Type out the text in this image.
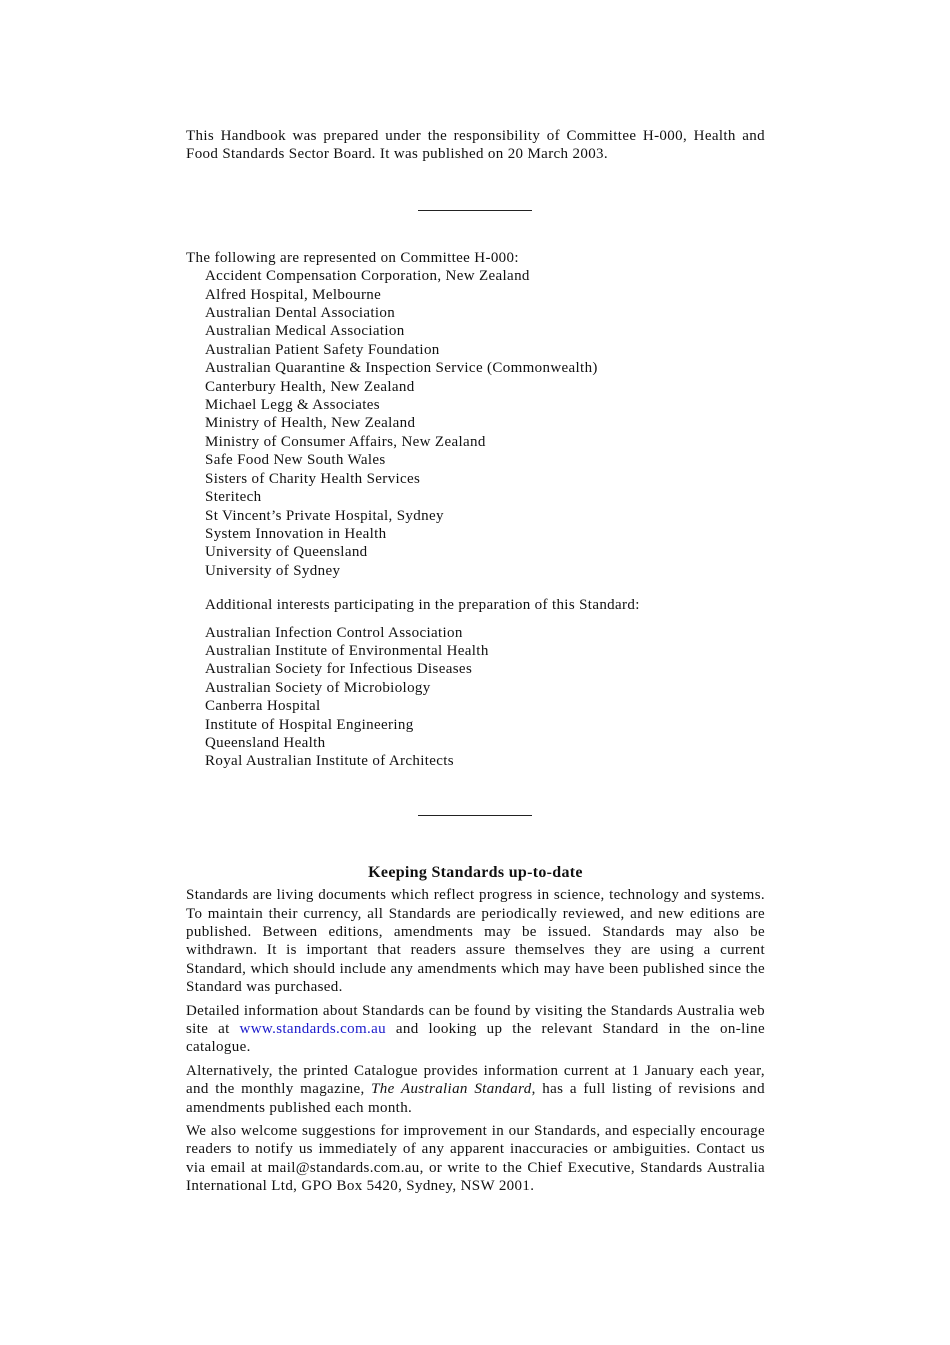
This Handbook was prepared under the responsibility of Committee H-000, Health and Food Standards Sector Board. It was published on 20 March 2003.

The following are represented on Committee H-000:

Accident Compensation Corporation, New Zealand
Alfred Hospital, Melbourne
Australian Dental Association
Australian Medical Association
Australian Patient Safety Foundation
Australian Quarantine & Inspection Service (Commonwealth)
Canterbury Health, New Zealand
Michael Legg & Associates
Ministry of Health, New Zealand
Ministry of Consumer Affairs, New Zealand
Safe Food New South Wales
Sisters of Charity Health Services
Steritech
St Vincent’s Private Hospital, Sydney
System Innovation in Health
University of Queensland
University of Sydney

Additional interests participating in the preparation of this Standard:

Australian Infection Control Association
Australian Institute of Environmental Health
Australian Society for Infectious Diseases
Australian Society of Microbiology
Canberra Hospital
Institute of Hospital Engineering
Queensland Health
Royal Australian Institute of Architects
Keeping Standards up-to-date

Standards are living documents which reflect progress in science, technology and systems. To maintain their currency, all Standards are periodically reviewed, and new editions are published. Between editions, amendments may be issued. Standards may also be withdrawn. It is important that readers assure themselves they are using a current Standard, which should include any amendments which may have been published since the Standard was purchased.

Detailed information about Standards can be found by visiting the Standards Australia web site at www.standards.com.au and looking up the relevant Standard in the on-line catalogue.

Alternatively, the printed Catalogue provides information current at 1 January each year, and the monthly magazine, The Australian Standard, has a full listing of revisions and amendments published each month.

We also welcome suggestions for improvement in our Standards, and especially encourage readers to notify us immediately of any apparent inaccuracies or ambiguities. Contact us via email at mail@standards.com.au, or write to the Chief Executive, Standards Australia International Ltd, GPO Box 5420, Sydney, NSW 2001.
